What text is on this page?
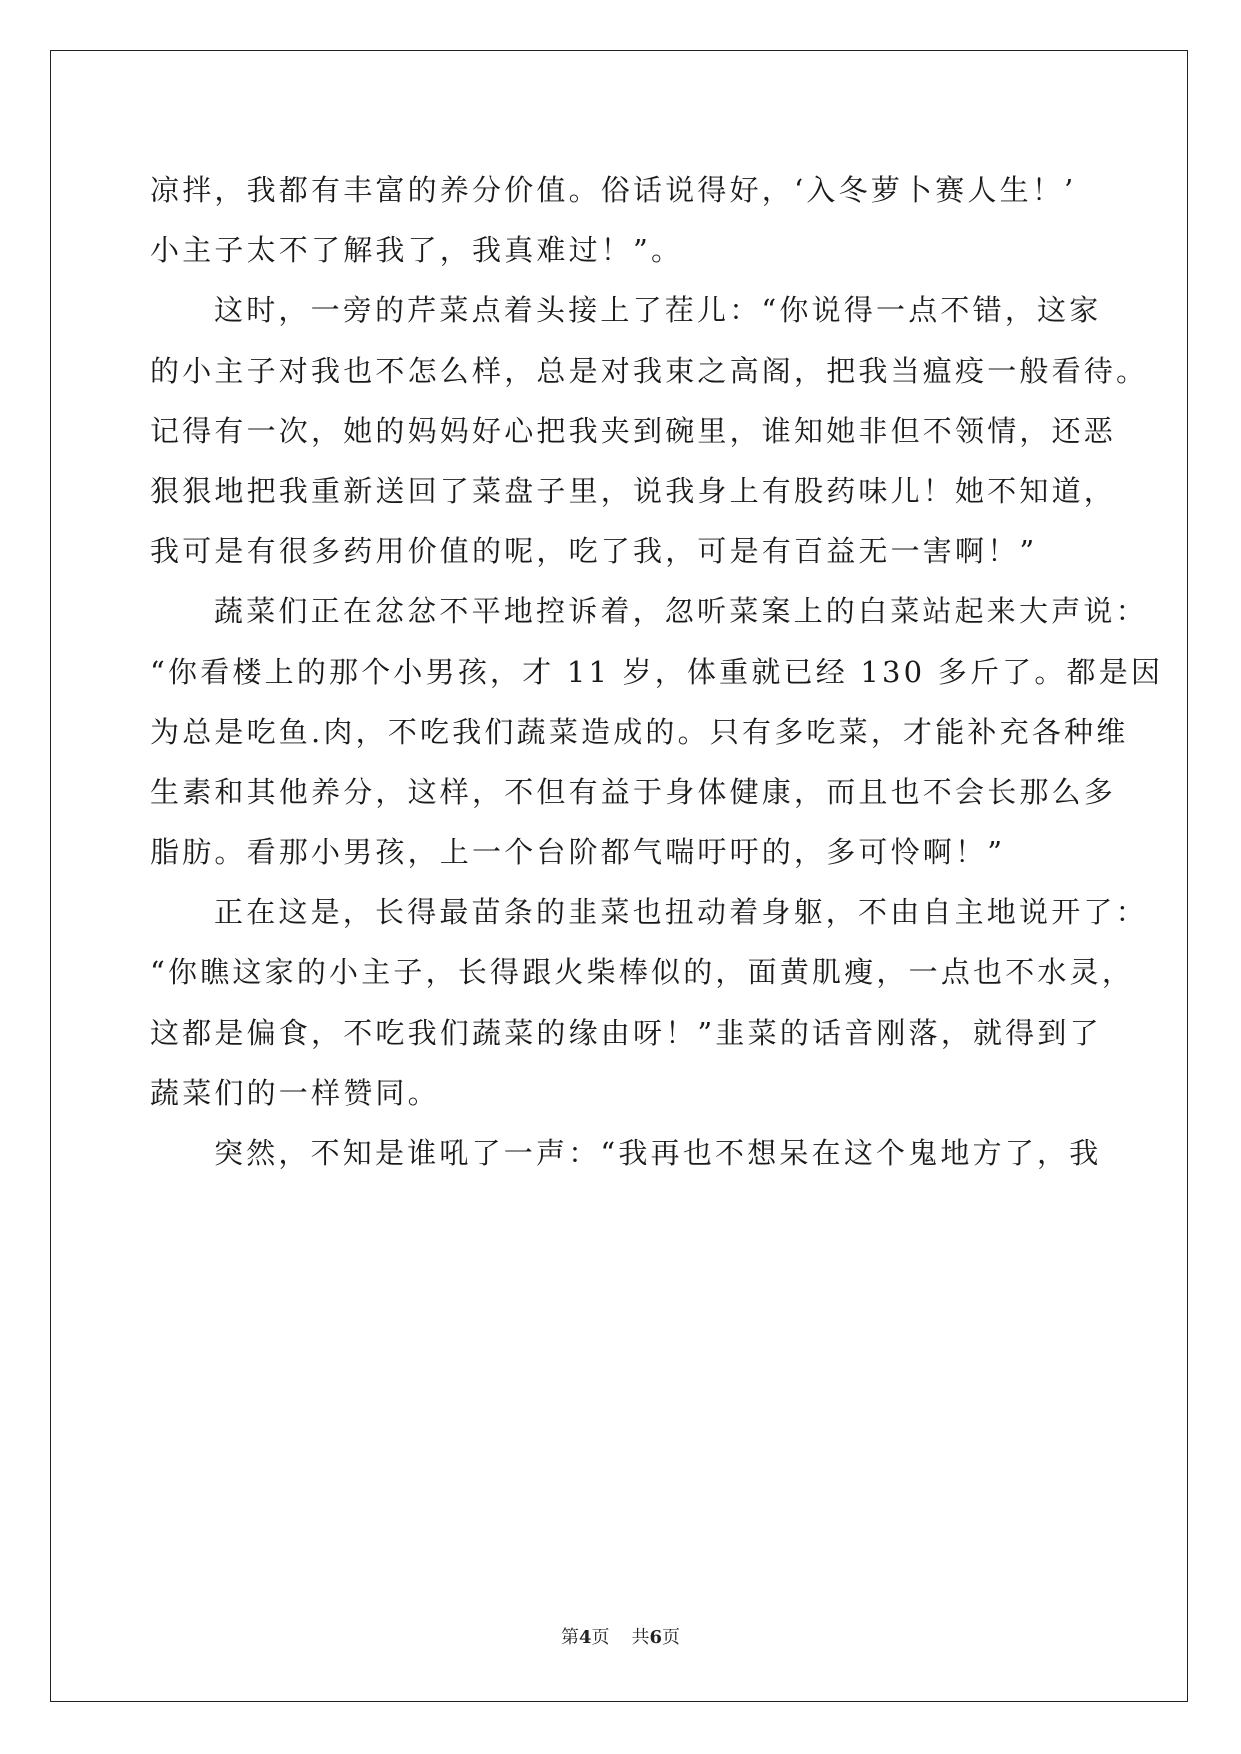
凉拌，我都有丰富的养分价值。俗话说得好，‘入冬萝卜赛人生！’

小主子太不了解我了，我真难过！”。

这时，一旁的芹菜点着头接上了茬儿：“你说得一点不错，这家

的小主子对我也不怎么样，总是对我束之高阁，把我当瘟疫一般看待。

记得有一次，她的妈妈好心把我夹到碗里，谁知她非但不领情，还恶

狠狠地把我重新送回了菜盘子里，说我身上有股药味儿！她不知道，

我可是有很多药用价值的呢，吃了我，可是有百益无一害啊！”

蔬菜们正在忿忿不平地控诉着，忽听菜案上的白菜站起来大声说：

“你看楼上的那个小男孩，才 11 岁，体重就已经 130 多斤了。都是因

为总是吃鱼.肉，不吃我们蔬菜造成的。只有多吃菜，才能补充各种维

生素和其他养分，这样，不但有益于身体健康，而且也不会长那么多

脂肪。看那小男孩，上一个台阶都气喘吁吁的，多可怜啊！”

正在这是，长得最苗条的韭菜也扭动着身躯，不由自主地说开了：

“你瞧这家的小主子，长得跟火柴棒似的，面黄肌瘦，一点也不水灵，

这都是偏食，不吃我们蔬菜的缘由呀！”韭菜的话音刚落，就得到了

蔬菜们的一样赞同。

突然，不知是谁吼了一声：“我再也不想呆在这个鬼地方了，我

第4页 共6页
